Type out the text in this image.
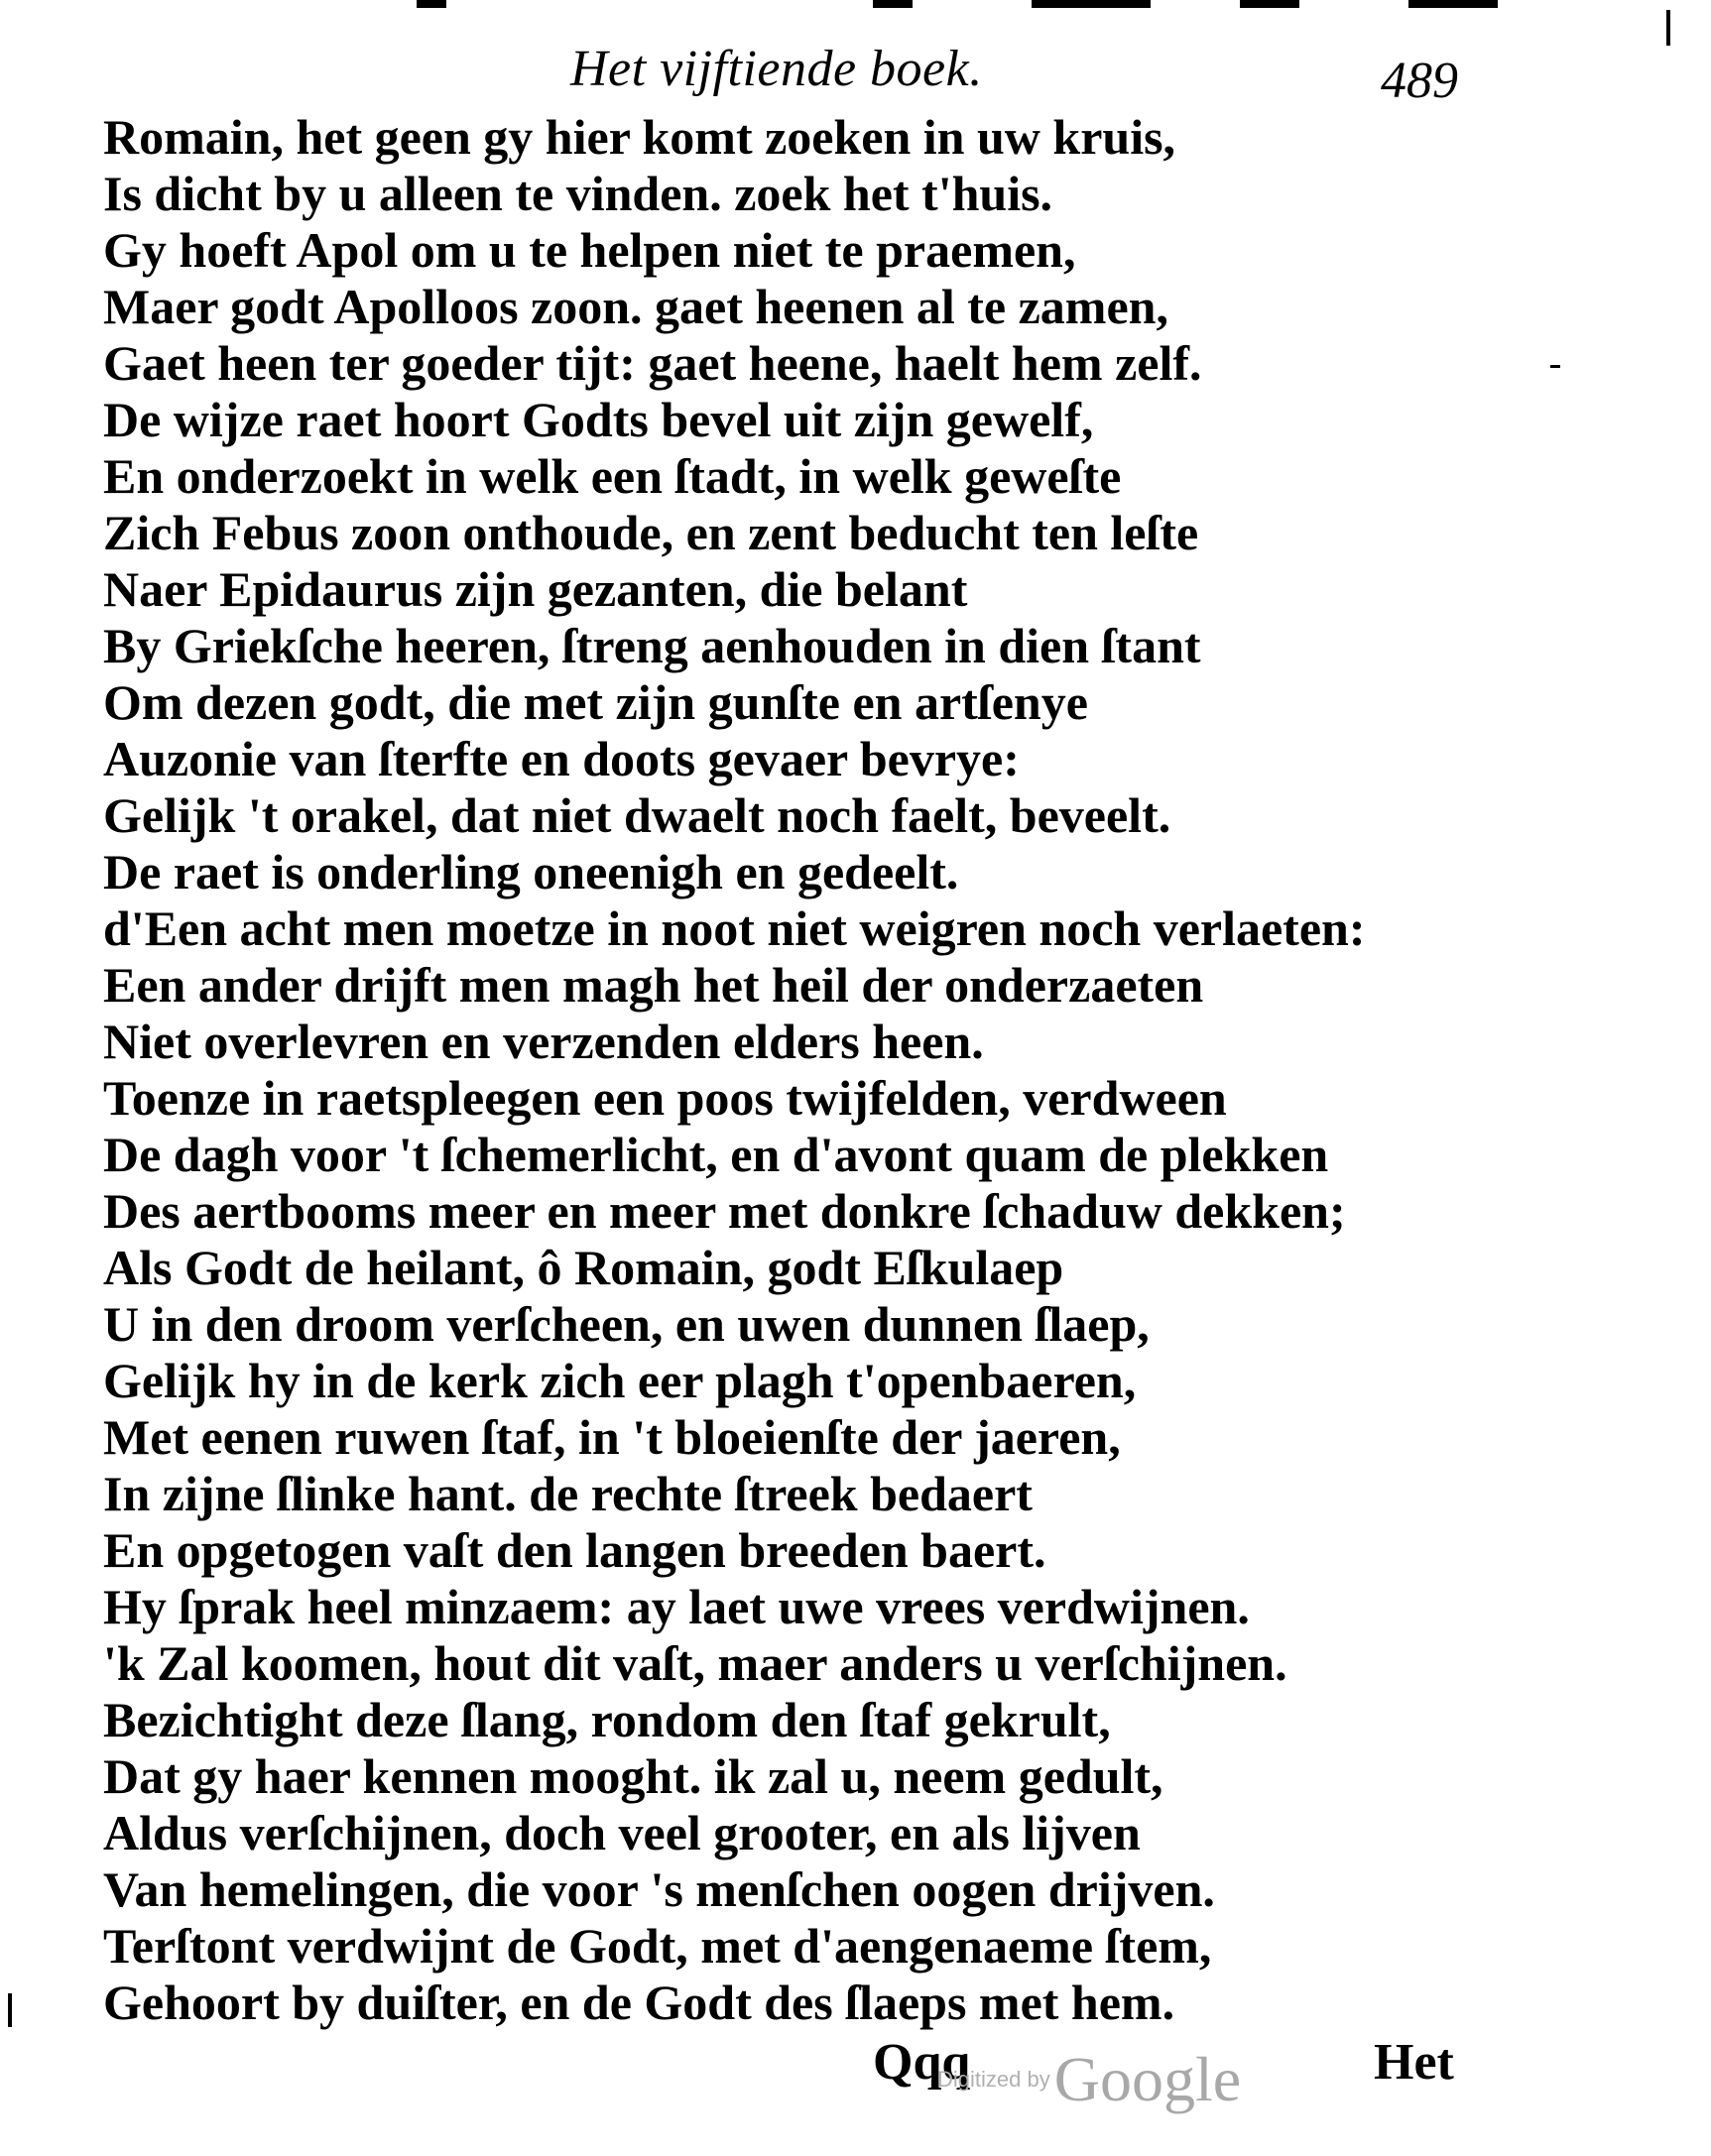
Het vijftiende boek.	489
Romain, het geen gy hier komt zoeken in uw kruis,
Is dicht by u alleen te vinden. zoek het t'huis.
Gy hoeft Apol om u te helpen niet te praemen,
Maer godt Apolloos zoon. gaet heenen al te zamen,
Gaet heen ter goeder tijt: gaet heene, haelt hem zelf.
De wijze raet hoort Godts bevel uit zijn gewelf,
En onderzoekt in welk een ſtadt, in welk geweſte
Zich Febus zoon onthoude, en zent beducht ten leſte
Naer Epidaurus zijn gezanten, die belant
By Griekſche heeren, ſtreng aenhouden in dien ſtant
Om dezen godt, die met zijn gunſte en artſenye
Auzonie van ſterfte en doots gevaer bevrye:
Gelijk 't orakel, dat niet dwaelt noch faelt, beveelt.
De raet is onderling oneenigh en gedeelt.
d'Een acht men moetze in noot niet weigren noch verlaeten:
Een ander drijft men magh het heil der onderzaeten
Niet overlevren en verzenden elders heen.
Toenze in raetspleegen een poos twijfelden, verdween
De dagh voor 't ſchemerlicht, en d'avont quam de plekken
Des aertbooms meer en meer met donkre ſchaduw dekken;
Als Godt de heilant, ô Romain, godt Eſkulaep
U in den droom verſcheen, en uwen dunnen ſlaep,
Gelijk hy in de kerk zich eer plagh t'openbaeren,
Met eenen ruwen ſtaf, in 't bloeienſte der jaeren,
In zijne ſlinke hant. de rechte ſtreek bedaert
En opgetogen vaſt den langen breeden baert.
Hy ſprak heel minzaem: ay laet uwe vrees verdwijnen.
'k Zal koomen, hout dit vaſt, maer anders u verſchijnen.
Bezichtight deze ſlang, rondom den ſtaf gekrult,
Dat gy haer kennen mooght. ik zal u, neem gedult,
Aldus verſchijnen, doch veel grooter, en als lijven
Van hemelingen, die voor 's menſchen oogen drijven.
Terſtont verdwijnt de Godt, met d'aengenaeme ſtem,
Gehoort by duiſter, en de Godt des ſlaeps met hem.
Qqq
Digitized by Google	Het
